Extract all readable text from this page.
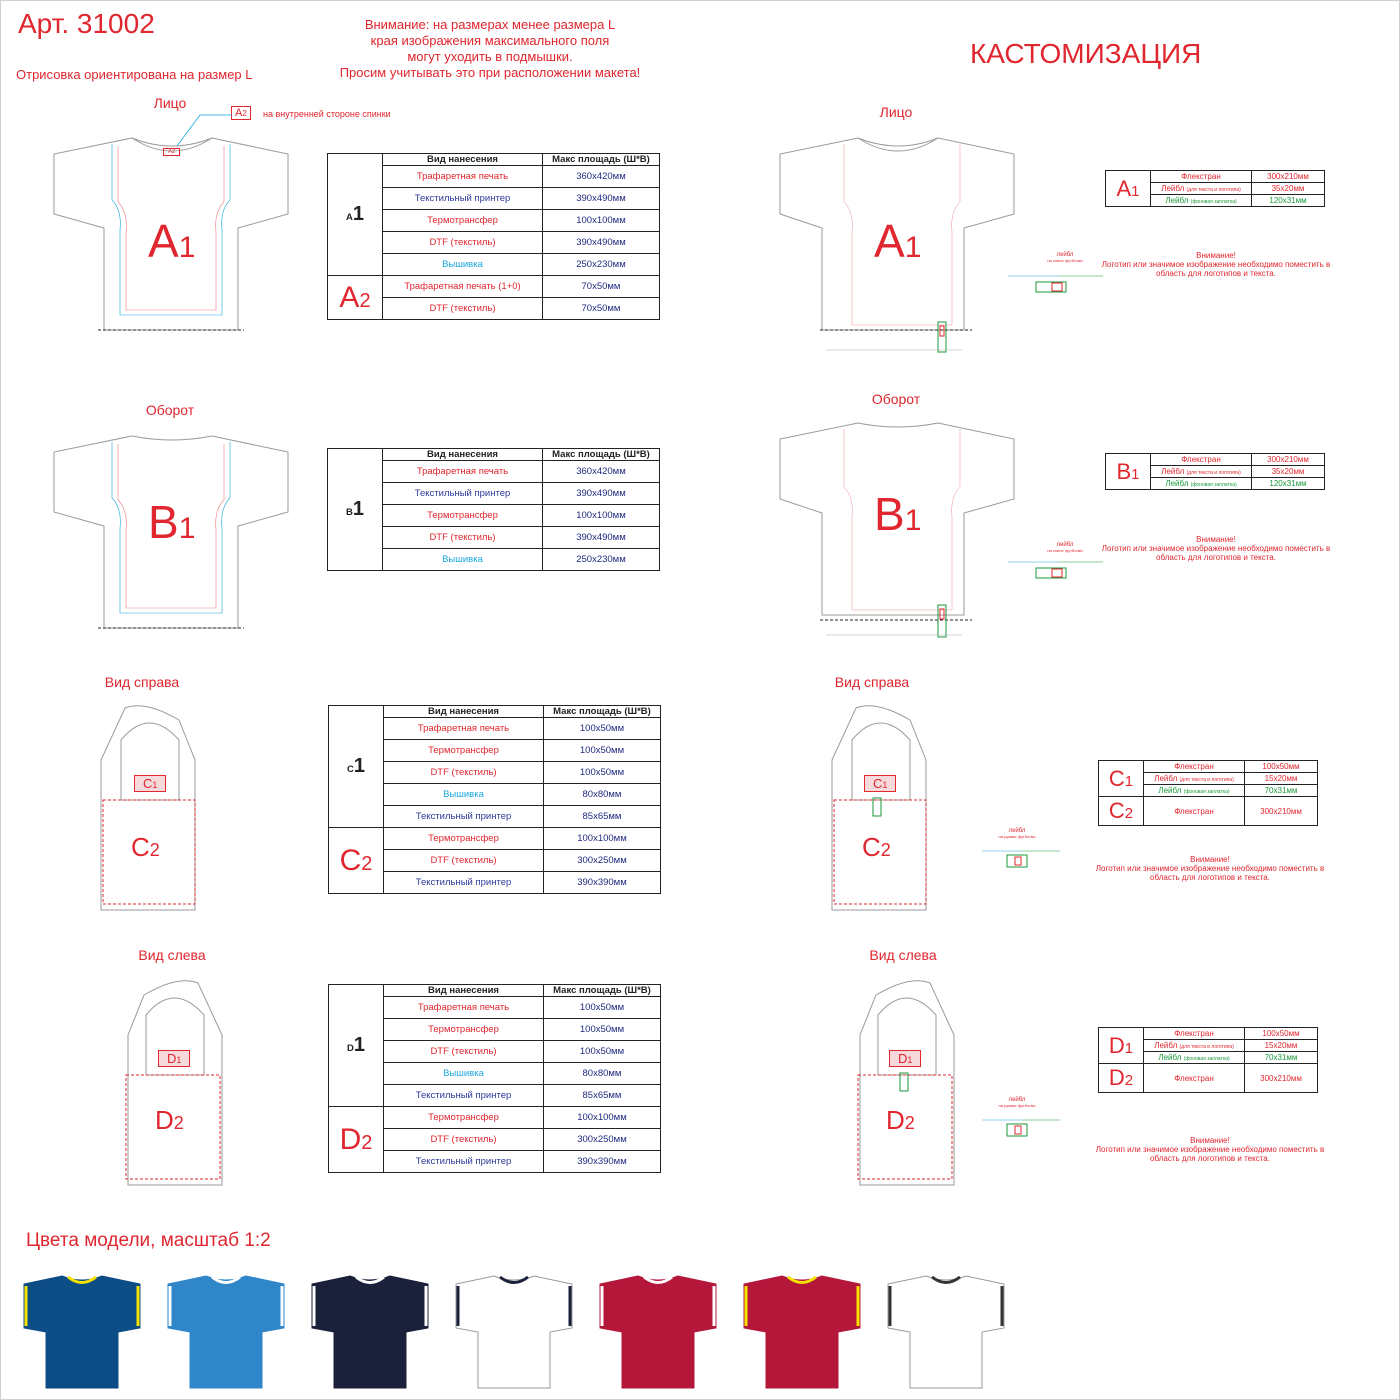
Арт. 31002
Отрисовка ориентирована на размер L
Внимание: на размерах менее размера L
края изображения максимального поля
могут уходить в подмышки.
Просим учитывать это при расположении макета!
КАСТОМИЗАЦИЯ
Лицо
Оборот
Вид справа
Вид слева
Лицо
Оборот
Вид справа
Вид слева
A2	на внутренней стороне спинки
A1
A2
B1
C1
C2
D1
D2
A1	Вид нанесения	Макс площадь (Ш*В)
	Трафаретная печать	360x420мм
	Текстильный принтер	390x490мм
	Термотрансфер	100x100мм
	DTF (текстиль)	390x490мм
	Вышивка	250x230мм
A2	Трафаретная печать (1+0)	70x50мм
	DTF (текстиль)	70x50мм
B1	Вид нанесения	Макс площадь (Ш*В)
	Трафаретная печать	360x420мм
	Текстильный принтер	390x490мм
	Термотрансфер	100x100мм
	DTF (текстиль)	390x490мм
	Вышивка	250x230мм
C1	Вид нанесения	Макс площадь (Ш*В)
	Трафаретная печать	100x50мм
	Термотрансфер	100x50мм
	DTF (текстиль)	100x50мм
	Вышивка	80x80мм
	Текстильный принтер	85x65мм
C2	Термотрансфер	100x100мм
	DTF (текстиль)	300x250мм
	Текстильный принтер	390x390мм
D1	Вид нанесения	Макс площадь (Ш*В)
	Трафаретная печать	100x50мм
	Термотрансфер	100x50мм
	DTF (текстиль)	100x50мм
	Вышивка	80x80мм
	Текстильный принтер	85x65мм
D2	Термотрансфер	100x100мм
	DTF (текстиль)	300x250мм
	Текстильный принтер	390x390мм
A1
B1
C1
C2
D1
D2
лейбл
на спине футболки
лейбл
на спине футболки
лейбл
на рукаве футболки
лейбл
на рукаве футболки
A1	Флекстран	300x210мм
	Лейбл (для текста и логотипа)	35x20мм
	Лейбл (фоновая заплатка)	120x31мм
Внимание!
Логотип или значимое изображение необходимо поместить в область для логотипов и текста.
B1	Флекстран	300x210мм
	Лейбл (для текста и логотипа)	35x20мм
	Лейбл (фоновая заплатка)	120x31мм
Внимание!
Логотип или значимое изображение необходимо поместить в область для логотипов и текста.
C1	Флекстран	100x50мм
	Лейбл (для текста и логотипа)	15x20мм
	Лейбл (фоновая заплатка)	70x31мм
C2	Флекстран	300x210мм
Внимание!
Логотип или значимое изображение необходимо поместить в область для логотипов и текста.
D1	Флекстран	100x50мм
	Лейбл (для текста и логотипа)	15x20мм
	Лейбл (фоновая заплатка)	70x31мм
D2	Флекстран	300x210мм
Внимание!
Логотип или значимое изображение необходимо поместить в область для логотипов и текста.
Цвета модели, масштаб 1:2
